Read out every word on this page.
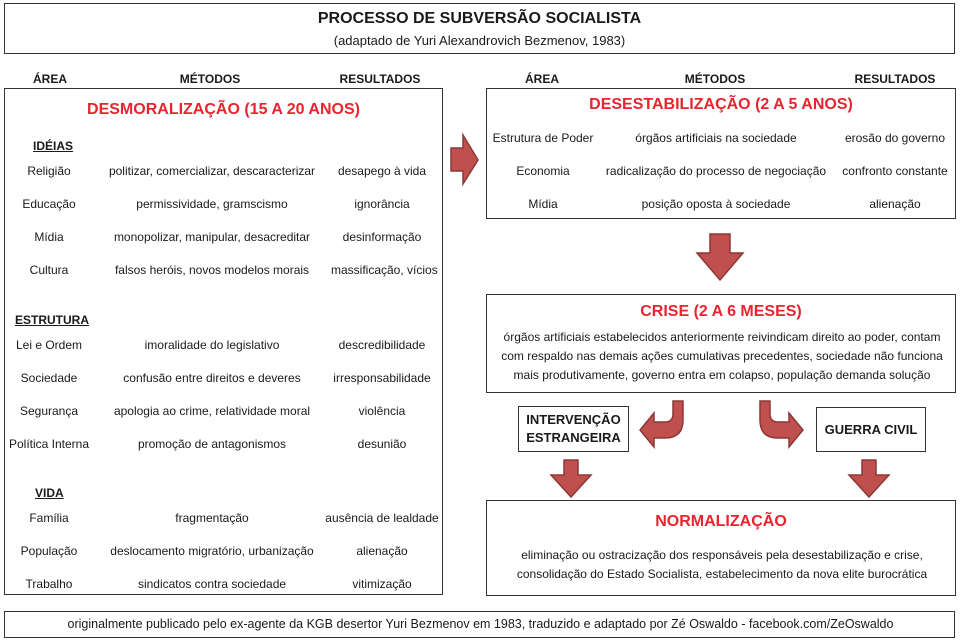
PROCESSO DE SUBVERSÃO SOCIALISTA
(adaptado de Yuri Alexandrovich Bezmenov, 1983)
ÁREA	MÉTODOS	RESULTADOS	ÁREA	MÉTODOS	RESULTADOS
DESMORALIZAÇÃO (15 A 20 ANOS)
IDÉIAS
Religião	politizar, comercializar, descaracterizar	desapego à vida
Educação	permissividade, gramscismo	ignorância
Mídia	monopolizar, manipular, desacreditar	desinformação
Cultura	falsos heróis, novos modelos morais	massificação, vícios
ESTRUTURA
Lei e Ordem	imoralidade do legislativo	descredibilidade
Sociedade	confusão entre direitos e deveres	irresponsabilidade
Segurança	apologia ao crime, relatividade moral	violência
Política Interna	promoção de antagonismos	desunião
VIDA
Família	fragmentação	ausência de lealdade
População	deslocamento migratório, urbanização	alienação
Trabalho	sindicatos contra sociedade	vitimização
DESESTABILIZAÇÃO (2 A 5 ANOS)
Estrutura de Poder	órgãos artificiais na sociedade	erosão do governo
Economia	radicalização do processo de negociação	confronto constante
Mídia	posição oposta à sociedade	alienação
CRISE (2 A 6 MESES)
órgãos artificiais estabelecidos anteriormente reivindicam direito ao poder, contam
com respaldo nas demais ações cumulativas precedentes, sociedade não funciona
mais produtivamente, governo entra em colapso, população demanda solução
INTERVENÇÃO
ESTRANGEIRA
GUERRA CIVIL
NORMALIZAÇÃO
eliminação ou ostracização dos responsáveis pela desestabilização e crise,
consolidação do Estado Socialista, estabelecimento da nova elite burocrática
originalmente publicado pelo ex-agente da KGB desertor Yuri Bezmenov em 1983, traduzido e adaptado por Zé Oswaldo - facebook.com/ZeOswaldo
